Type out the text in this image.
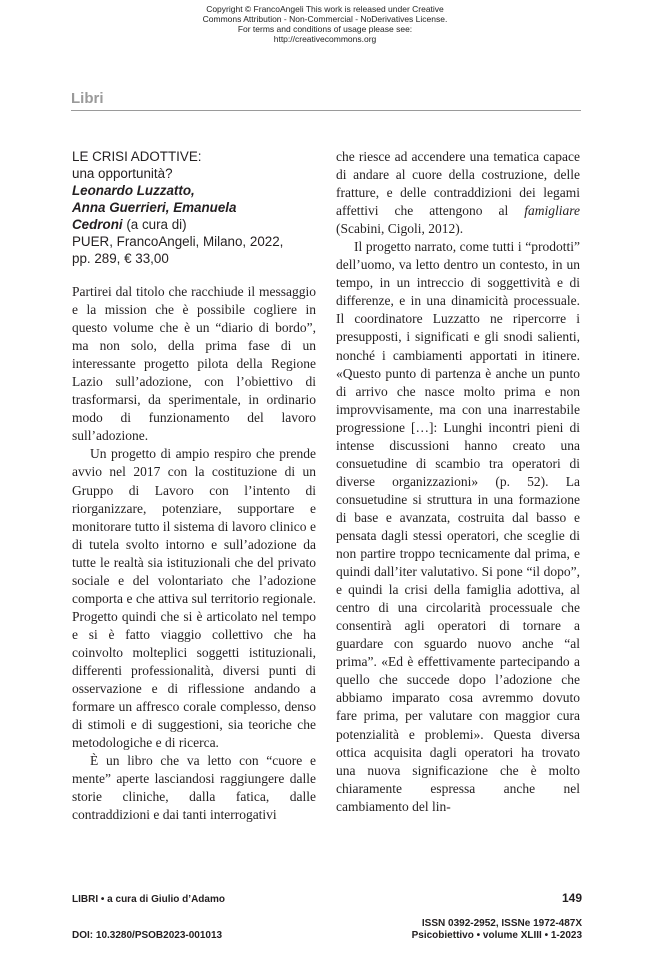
Copyright © FrancoAngeli This work is released under Creative
Commons Attribution - Non-Commercial - NoDerivatives License.
For terms and conditions of usage please see:
http://creativecommons.org
Libri
LE CRISI ADOTTIVE:
una opportunità?
Leonardo Luzzatto,
Anna Guerrieri, Emanuela
Cedroni (a cura di)
PUER, FrancoAngeli, Milano, 2022,
pp. 289, € 33,00

Partirei dal titolo che racchiude il messaggio e la mission che è possibile cogliere in questo volume che è un “diario di bordo”, ma non solo, della prima fase di un interessante progetto pilota della Regione Lazio sull’adozione, con l’obiettivo di trasformarsi, da sperimentale, in ordinario modo di funzionamento del lavoro sull’adozione.

Un progetto di ampio respiro che prende avvio nel 2017 con la costituzione di un Gruppo di Lavoro con l’intento di riorganizzare, potenziare, supportare e monitorare tutto il sistema di lavoro clinico e di tutela svolto intorno e sull’adozione da tutte le realtà sia istituzionali che del privato sociale e del volontariato che l’adozione comporta e che attiva sul territorio regionale. Progetto quindi che si è articolato nel tempo e si è fatto viaggio collettivo che ha coinvolto molteplici soggetti istituzionali, differenti professionalità, diversi punti di osservazione e di riflessione andando a formare un affresco corale complesso, denso di stimoli e di suggestioni, sia teoriche che metodologiche e di ricerca.

È un libro che va letto con “cuore e mente” aperte lasciandosi raggiungere dalle storie cliniche, dalla fatica, dalle contraddizioni e dai tanti interrogativi

che riesce ad accendere una tematica capace di andare al cuore della costruzione, delle fratture, e delle contraddizioni dei legami affettivi che attengono al famigliare (Scabini, Cigoli, 2012).

Il progetto narrato, come tutti i “prodotti” dell’uomo, va letto dentro un contesto, in un tempo, in un intreccio di soggettività e di differenze, e in una dinamicità processuale. Il coordinatore Luzzatto ne ripercorre i presupposti, i significati e gli snodi salienti, nonché i cambiamenti apportati in itinere. «Questo punto di partenza è anche un punto di arrivo che nasce molto prima e non improvvisamente, ma con una inarrestabile progressione […]: Lunghi incontri pieni di intense discussioni hanno creato una consuetudine di scambio tra operatori di diverse organizzazioni» (p. 52). La consuetudine si struttura in una formazione di base e avanzata, costruita dal basso e pensata dagli stessi operatori, che sceglie di non partire troppo tecnicamente dal prima, e quindi dall’iter valutativo. Si pone “il dopo”, e quindi la crisi della famiglia adottiva, al centro di una circolarità processuale che consentirà agli operatori di tornare a guardare con sguardo nuovo anche “al prima”. «Ed è effettivamente partecipando a quello che succede dopo l’adozione che abbiamo imparato cosa avremmo dovuto fare prima, per valutare con maggior cura potenzialità e problemi». Questa diversa ottica acquisita dagli operatori ha trovato una nuova significazione che è molto chiaramente espressa anche nel cambiamento del lin-

LIBRI • a cura di Giulio d’Adamo	149
DOI: 10.3280/PSOB2023-001013
ISSN 0392-2952, ISSNe 1972-487X
Psicobiettivo • volume XLIII • 1-2023
